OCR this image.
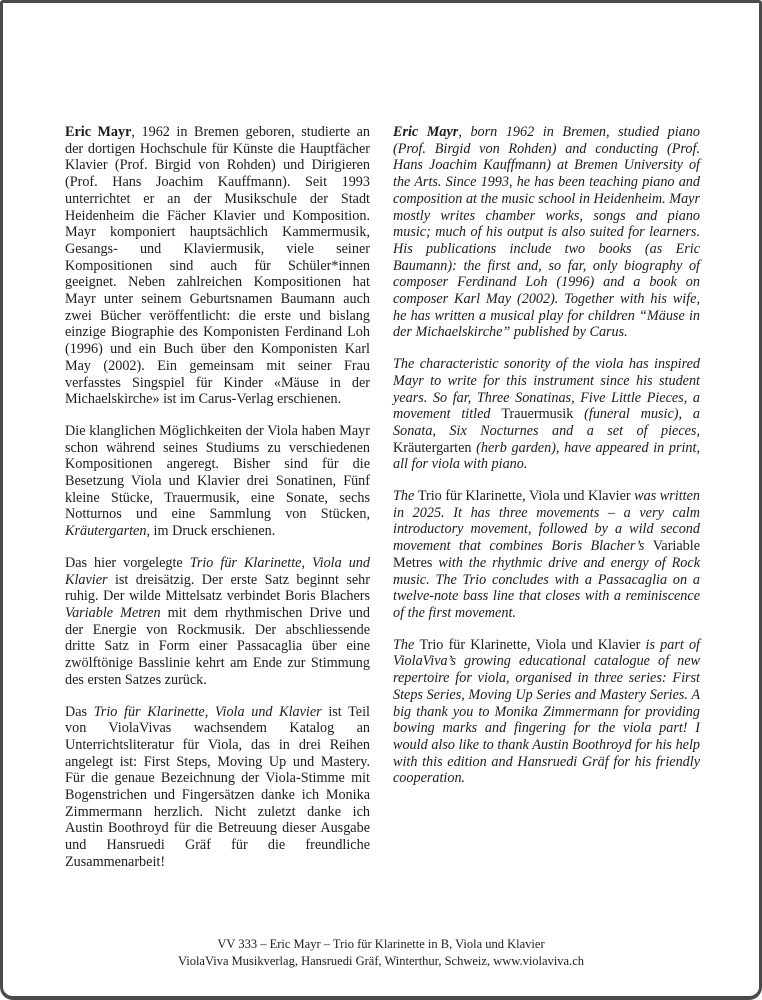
Eric Mayr, 1962 in Bremen geboren, studierte an der dortigen Hochschule für Künste die Hauptfächer Klavier (Prof. Birgid von Rohden) und Dirigieren (Prof. Hans Joachim Kauffmann). Seit 1993 unterrichtet er an der Musikschule der Stadt Heidenheim die Fächer Klavier und Komposition. Mayr komponiert hauptsächlich Kammermusik, Gesangs- und Klaviermusik, viele seiner Kompositionen sind auch für Schüler*innen geeignet. Neben zahlreichen Kompositionen hat Mayr unter seinem Geburtsnamen Baumann auch zwei Bücher veröffentlicht: die erste und bislang einzige Biographie des Komponisten Ferdinand Loh (1996) und ein Buch über den Komponisten Karl May (2002). Ein gemeinsam mit seiner Frau verfasstes Singspiel für Kinder «Mäuse in der Michaelskirche» ist im Carus-Verlag erschienen.

Die klanglichen Möglichkeiten der Viola haben Mayr schon während seines Studiums zu verschiedenen Kompositionen angeregt. Bisher sind für die Besetzung Viola und Klavier drei Sonatinen, Fünf kleine Stücke, Trauermusik, eine Sonate, sechs Notturnos und eine Sammlung von Stücken, Kräutergarten, im Druck erschienen.

Das hier vorgelegte Trio für Klarinette, Viola und Klavier ist dreisätzig. Der erste Satz beginnt sehr ruhig. Der wilde Mittelsatz verbindet Boris Blachers Variable Metren mit dem rhythmischen Drive und der Energie von Rockmusik. Der abschliessende dritte Satz in Form einer Passacaglia über eine zwölftönige Basslinie kehrt am Ende zur Stimmung des ersten Satzes zurück.

Das Trio für Klarinette, Viola und Klavier ist Teil von ViolaVivas wachsendem Katalog an Unterrichtsliteratur für Viola, das in drei Reihen angelegt ist: First Steps, Moving Up und Mastery. Für die genaue Bezeichnung der Viola-Stimme mit Bogenstrichen und Fingersätzen danke ich Monika Zimmermann herzlich. Nicht zuletzt danke ich Austin Boothroyd für die Betreuung dieser Ausgabe und Hansruedi Gräf für die freundliche Zusammenarbeit!

Eric Mayr, born 1962 in Bremen, studied piano (Prof. Birgid von Rohden) and conducting (Prof. Hans Joachim Kauffmann) at Bremen University of the Arts. Since 1993, he has been teaching piano and composition at the music school in Heidenheim. Mayr mostly writes chamber works, songs and piano music; much of his output is also suited for learners. His publications include two books (as Eric Baumann): the first and, so far, only biography of composer Ferdinand Loh (1996) and a book on composer Karl May (2002). Together with his wife, he has written a musical play for children “Mäuse in der Michaelskirche” published by Carus.

The characteristic sonority of the viola has inspired Mayr to write for this instrument since his student years. So far, Three Sonatinas, Five Little Pieces, a movement titled Trauermusik (funeral music), a Sonata, Six Nocturnes and a set of pieces, Kräutergarten (herb garden), have appeared in print, all for viola with piano.

The Trio für Klarinette, Viola und Klavier was written in 2025. It has three movements – a very calm introductory movement, followed by a wild second movement that combines Boris Blacher’s Variable Metres with the rhythmic drive and energy of Rock music. The Trio concludes with a Passacaglia on a twelve-note bass line that closes with a reminiscence of the first movement.

The Trio für Klarinette, Viola und Klavier is part of ViolaViva’s growing educational catalogue of new repertoire for viola, organised in three series: First Steps Series, Moving Up Series and Mastery Series. A big thank you to Monika Zimmermann for providing bowing marks and fingering for the viola part! I would also like to thank Austin Boothroyd for his help with this edition and Hansruedi Gräf for his friendly cooperation.

VV 333 – Eric Mayr – Trio für Klarinette in B, Viola und Klavier
ViolaViva Musikverlag, Hansruedi Gräf, Winterthur, Schweiz, www.violaviva.ch
